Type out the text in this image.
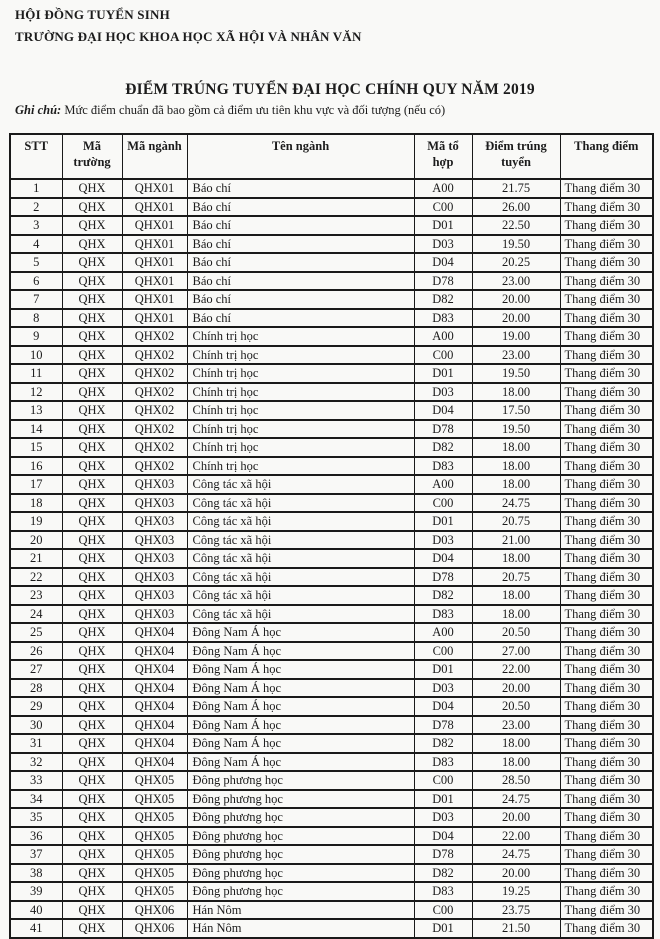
HỘI ĐỒNG TUYỂN SINH
TRƯỜNG ĐẠI HỌC KHOA HỌC XÃ HỘI VÀ NHÂN VĂN
ĐIỂM TRÚNG TUYỂN ĐẠI HỌC CHÍNH QUY NĂM 2019
Ghi chú: Mức điểm chuẩn đã bao gồm cả điểm ưu tiên khu vực và đối tượng (nếu có)
STT	Mã trường	Mã ngành	Tên ngành	Mã tổ hợp	Điểm trúng tuyển	Thang điểm
1	QHX	QHX01	Báo chí	A00	21.75	Thang điểm 30
2	QHX	QHX01	Báo chí	C00	26.00	Thang điểm 30
3	QHX	QHX01	Báo chí	D01	22.50	Thang điểm 30
4	QHX	QHX01	Báo chí	D03	19.50	Thang điểm 30
5	QHX	QHX01	Báo chí	D04	20.25	Thang điểm 30
6	QHX	QHX01	Báo chí	D78	23.00	Thang điểm 30
7	QHX	QHX01	Báo chí	D82	20.00	Thang điểm 30
8	QHX	QHX01	Báo chí	D83	20.00	Thang điểm 30
9	QHX	QHX02	Chính trị học	A00	19.00	Thang điểm 30
10	QHX	QHX02	Chính trị học	C00	23.00	Thang điểm 30
11	QHX	QHX02	Chính trị học	D01	19.50	Thang điểm 30
12	QHX	QHX02	Chính trị học	D03	18.00	Thang điểm 30
13	QHX	QHX02	Chính trị học	D04	17.50	Thang điểm 30
14	QHX	QHX02	Chính trị học	D78	19.50	Thang điểm 30
15	QHX	QHX02	Chính trị học	D82	18.00	Thang điểm 30
16	QHX	QHX02	Chính trị học	D83	18.00	Thang điểm 30
17	QHX	QHX03	Công tác xã hội	A00	18.00	Thang điểm 30
18	QHX	QHX03	Công tác xã hội	C00	24.75	Thang điểm 30
19	QHX	QHX03	Công tác xã hội	D01	20.75	Thang điểm 30
20	QHX	QHX03	Công tác xã hội	D03	21.00	Thang điểm 30
21	QHX	QHX03	Công tác xã hội	D04	18.00	Thang điểm 30
22	QHX	QHX03	Công tác xã hội	D78	20.75	Thang điểm 30
23	QHX	QHX03	Công tác xã hội	D82	18.00	Thang điểm 30
24	QHX	QHX03	Công tác xã hội	D83	18.00	Thang điểm 30
25	QHX	QHX04	Đông Nam Á học	A00	20.50	Thang điểm 30
26	QHX	QHX04	Đông Nam Á học	C00	27.00	Thang điểm 30
27	QHX	QHX04	Đông Nam Á học	D01	22.00	Thang điểm 30
28	QHX	QHX04	Đông Nam Á học	D03	20.00	Thang điểm 30
29	QHX	QHX04	Đông Nam Á học	D04	20.50	Thang điểm 30
30	QHX	QHX04	Đông Nam Á học	D78	23.00	Thang điểm 30
31	QHX	QHX04	Đông Nam Á học	D82	18.00	Thang điểm 30
32	QHX	QHX04	Đông Nam Á học	D83	18.00	Thang điểm 30
33	QHX	QHX05	Đông phương học	C00	28.50	Thang điểm 30
34	QHX	QHX05	Đông phương học	D01	24.75	Thang điểm 30
35	QHX	QHX05	Đông phương học	D03	20.00	Thang điểm 30
36	QHX	QHX05	Đông phương học	D04	22.00	Thang điểm 30
37	QHX	QHX05	Đông phương học	D78	24.75	Thang điểm 30
38	QHX	QHX05	Đông phương học	D82	20.00	Thang điểm 30
39	QHX	QHX05	Đông phương học	D83	19.25	Thang điểm 30
40	QHX	QHX06	Hán Nôm	C00	23.75	Thang điểm 30
41	QHX	QHX06	Hán Nôm	D01	21.50	Thang điểm 30
